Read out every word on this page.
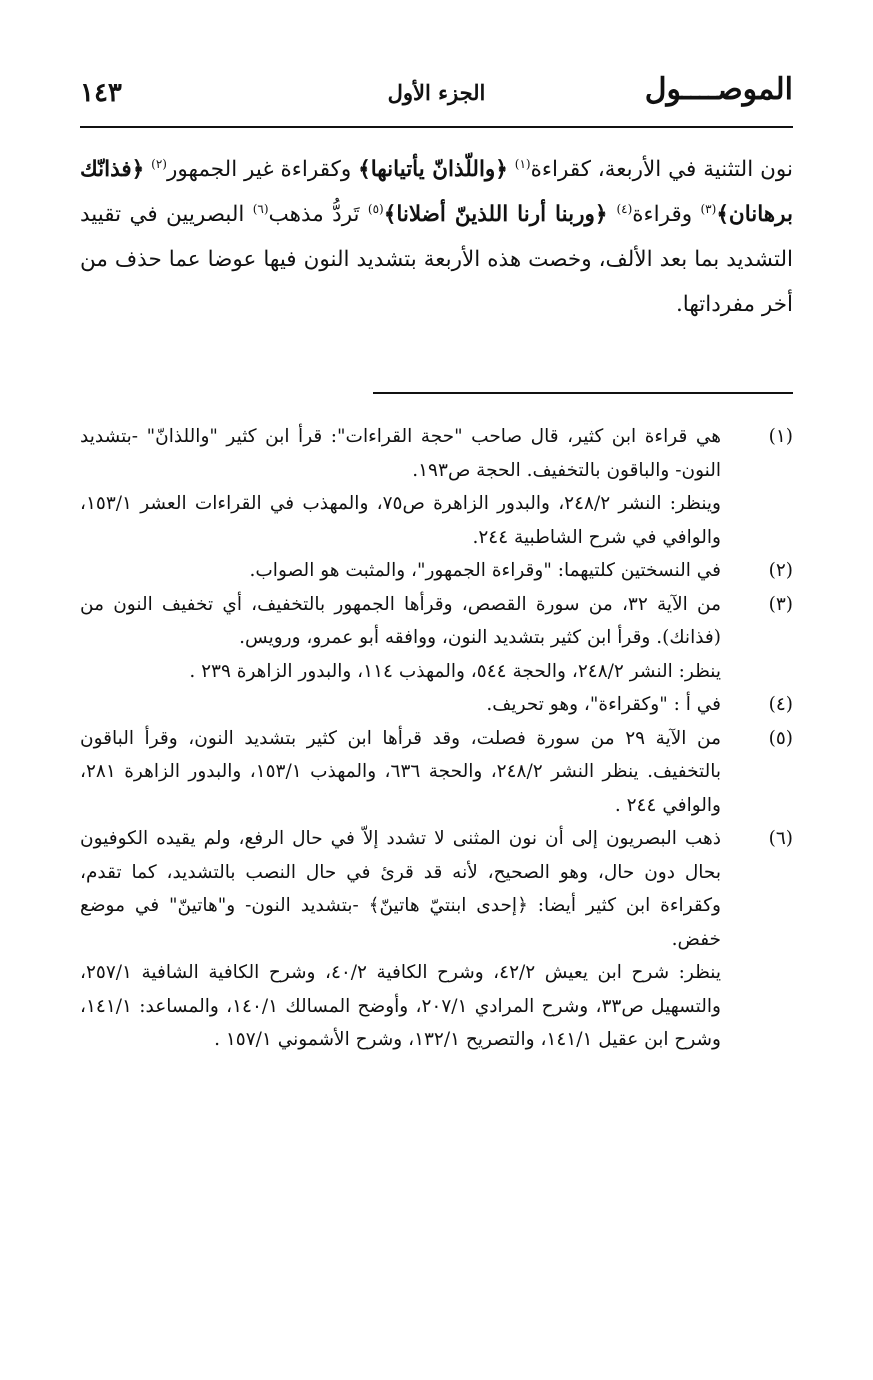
الموصــــول
الجزء الأول
١٤٣

نون التثنية في الأربعة، كقراءة$^{(١)}$ ﴿واللّذانّ يأتيانها﴾ وكقراءة غير الجمهور$^{(٢)}$ ﴿فذانّك برهانان﴾$^{(٣)}$ وقراءة$^{(٤)}$ ﴿وربنا أرنا اللذينّ أضلانا﴾$^{(٥)}$ تَردُّ مذهب$^{(٦)}$ البصريين في تقييد التشديد بما بعد الألف، وخصت هذه الأربعة بتشديد النون فيها عوضا عما حذف من أخر مفرداتها.

(١)
هي قراءة ابن كثير، قال صاحب "حجة القراءات": قرأ ابن كثير "واللذانّ" -بتشديد النون- والباقون بالتخفيف. الحجة ص١٩٣.
وينظر: النشر ٢٤٨/٢، والبدور الزاهرة ص٧٥، والمهذب في القراءات العشر ١٥٣/١، والوافي في شرح الشاطبية ٢٤٤.
(٢)
في النسختين كلتيهما: "وقراءة الجمهور"، والمثبت هو الصواب.
(٣)
من الآية ٣٢، من سورة القصص، وقرأها الجمهور بالتخفيف، أي تخفيف النون من (فذانك). وقرأ ابن كثير بتشديد النون، ووافقه أبو عمرو، ورويس.
ينظر: النشر ٢٤٨/٢، والحجة ٥٤٤، والمهذب ١١٤، والبدور الزاهرة ٢٣٩ .
(٤)
في أ : "وكقراءة"، وهو تحريف.
(٥)
من الآية ٢٩ من سورة فصلت، وقد قرأها ابن كثير بتشديد النون، وقرأ الباقون بالتخفيف. ينظر النشر ٢٤٨/٢، والحجة ٦٣٦، والمهذب ١٥٣/١، والبدور الزاهرة ٢٨١، والوافي ٢٤٤ .
(٦)
ذهب البصريون إلى أن نون المثنى لا تشدد إلاّ في حال الرفع، ولم يقيده الكوفيون بحال دون حال، وهو الصحيح، لأنه قد قرئ في حال النصب بالتشديد، كما تقدم، وكقراءة ابن كثير أيضا: ﴿إحدى ابنتيّ هاتينّ﴾ -بتشديد النون- و"هاتينّ" في موضع خفض.
ينظر: شرح ابن يعيش ٤٢/٢، وشرح الكافية ٤٠/٢، وشرح الكافية الشافية ٢٥٧/١، والتسهيل ص٣٣، وشرح المرادي ٢٠٧/١، وأوضح المسالك ١٤٠/١، والمساعد: ١٤١/١، وشرح ابن عقيل ١٤١/١، والتصريح ١٣٢/١، وشرح الأشموني ١٥٧/١ .
